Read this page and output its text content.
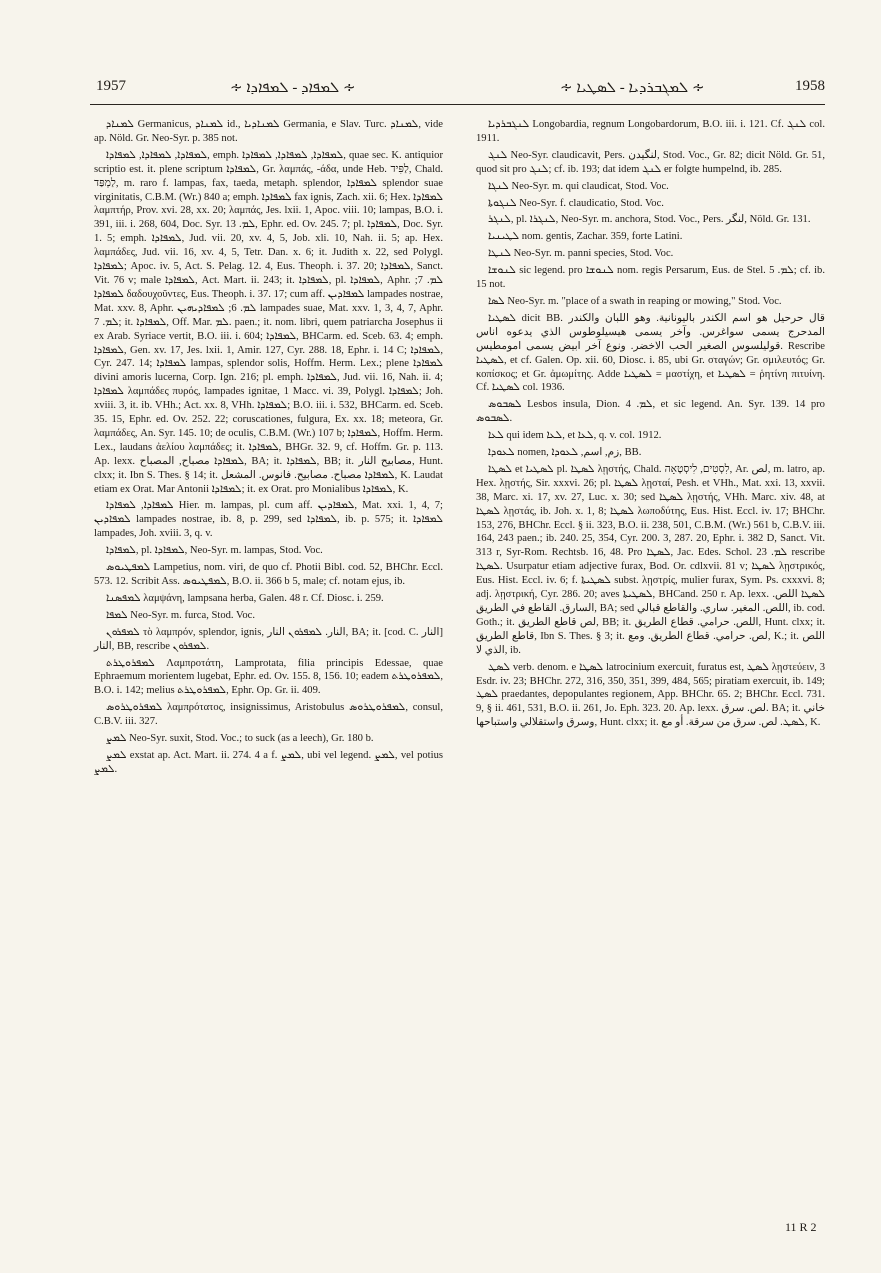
1957	∻ ܠܡܦܐܕ - ܠܡܦܐܕܐ ∻	∻ ܠܡܓܒܪܕܝܐ - ܠܣܛܝܐ ∻	1958

ܠܡܢܐܕ Germanicus, ܠܡܢܐܕ id., ܠܡܢܐܕܝܐ Germania, e Slav. Turc. ܠܡܢܐܕ, vide ap. Nöld. Gr. Neo-Syr. p. 385 not.

ܠܡܦܐܕܐ, ܠܡܦܐܕܐ, ܠܡܦܐܕܐ, emph. ܠܡܦܐܕܐ, ܠܡܦܐܕܐ, ܠܡܦܐܕܐ, quae sec. K. antiquior scriptio est. it. plene scriptum ܠܡܦܐܕܐ, Gr. λαμπάς, -άδα, unde Heb. לַפִּיד, Chald. לַמְפַּד, m. raro f. lampas, fax, taeda, metaph. splendor, ܠܡܦܐܕܐ splendor suae virginitatis, C.B.M. (Wr.) 840 a; emph. ܠܡܦܐܕܐ fax ignis, Zach. xii. 6; Hex. ܠܡܦܐܕܐ λαμπτήρ, Prov. xvi. 28, xx. 20; λαμπάς, Jes. lxii. 1, Apoc. viii. 10; lampas, B.O. i. 391, iii. i. 268, 604, Doc. Syr. ܠܡ. 13, Ephr. ed. Ov. 245. 7; pl. ܠܡܦܐܕܐ, Doc. Syr. 1. 5; emph. ܠܡܦܐܕܐ, Jud. vii. 20, xv. 4, 5, Job. xli. 10, Nah. ii. 5; ap. Hex. λαμπάδες, Jud. vii. 16, xv. 4, 5, Tetr. Dan. x. 6; it. Judith x. 22, sed Polygl. ܠܡܦܐܕܐ; Apoc. iv. 5, Act. S. Pelag. 12. 4, Eus. Theoph. i. 37. 20; ܠܡܦܐܕܐ, Sanct. Vit. 76 v; male ܠܡܦܐܕܐ, Act. Mart. ii. 243; it. ܠܡܦܐܕܐ, pl. ܠܡܦܐܕܐ, Aphr. ܠܡ. 7; ܠܡܦܐܕܐ δαδουχοῦντες, Eus. Theoph. i. 37. 17; cum aff. ܠܡܦܐܕܝܢ lampades nostrae, Mat. xxv. 8, Aphr. ܠܡ. 6; ܠܡܦܐܕܝܗܝܢ lampades suae, Mat. xxv. 1, 3, 4, 7, Aphr. ܠܡ. 7; it. ܠܡܦܐܕܐ, Off. Mar. ܠܡ. paen.; it. nom. libri, quem patriarcha Josephus ii ex Arab. Syriace vertit, B.O. iii. i. 604; ܠܡܦܐܕܐ, BHCarm. ed. Sceb. 63. 4; emph. ܠܡܦܐܕܐ, Gen. xv. 17, Jes. lxii. 1, Amir. 127, Cyr. 288. 18, Ephr. i. 14 C; ܠܡܦܐܕܐ, Cyr. 247. 14; ܠܡܦܐܕܐ lampas, splendor solis, Hoffm. Herm. Lex.; plene ܠܡܦܐܕܐ divini amoris lucerna, Corp. Ign. 216; pl. emph. ܠܡܦܐܕܐ, Jud. vii. 16, Nah. ii. 4; ܠܡܦܐܕܐ λαμπάδες πυρός, lampades ignitae, 1 Macc. vi. 39, Polygl. ܠܡܦܐܕܐ; Joh. xviii. 3, it. ib. VHh.; Act. xx. 8, VHh. ܠܡܦܐܕܐ; B.O. iii. i. 532, BHCarm. ed. Sceb. 35. 15, Ephr. ed. Ov. 252. 22; coruscationes, fulgura, Ex. xx. 18; meteora, Gr. λαμπάδες, An. Syr. 145. 10; de oculis, C.B.M. (Wr.) 107 b; ܠܡܦܐܕܐ, Hoffm. Herm. Lex., laudans ἀελίου λαμπάδες; it. ܠܡܦܐܕܐ, BHGr. 32. 9, cf. Hoffm. Gr. p. 113. Ap. lexx. ܠܡܦܐܕܐ مصباح, المصباح, BA; it. ܠܡܦܐܕܐ, BB; it. مصابيح النار, Hunt. clxx; it. Ibn S. Thes. § 14; it. ܠܡܦܐܕܐ مصباح. مصابيح. فانوس. المشعل, K. Laudat etiam ex Orat. Mar Antonii ܠܡܦܐܕܐ; it. ex Orat. pro Monialibus ܠܡܦܐܕܐ, K.

ܠܡܦܐܕܐ, ܠܡܦܐܕܐ Hier. m. lampas, pl. cum aff. ܠܡܦܐܕܝܢ, Mat. xxi. 1, 4, 7; ܠܡܦܐܕܝܢ lampades nostrae, ib. 8, p. 299, sed ܠܡܦܐܕܐ, ib. p. 575; it. ܠܡܦܐܕܐ lampades, Joh. xviii. 3, q. v.

ܠܡܦܐܕܐ, pl. ܠܡܦܐܕܐ, Neo-Syr. m. lampas, Stod. Voc.

ܠܡܦܛܝܘܣ Lampetius, nom. viri, de quo cf. Photii Bibl. cod. 52, BHChr. Eccl. 573. 12. Scribit Ass. ܠܡܦܛܝܘܣ, B.O. ii. 366 b 5, male; cf. notam ejus, ib.

ܠܡܦܣܢܐ λαμψάνη, lampsana herba, Galen. 48 r. Cf. Diosc. i. 259.

ܠܡܦܐ Neo-Syr. m. furca, Stod. Voc.

ܠܡܦܪܘܢ τὸ λαμπρόν, splendor, ignis, النار. ܠܡܦܪܘܢ النار, BA; it. [cod. C. النار] النار, BB, rescribe ܠܡܦܪܘܢ.

ܠܡܦܪܘܛܪܬ Λαμπροτάτη, Lamprotata, filia principis Edessae, quae Ephraemum morientem lugebat, Ephr. ed. Ov. 155. 8, 156. 10; eadem ܠܡܦܪܘܛܪܬ, B.O. i. 142; melius ܠܡܦܪܘܛܪܬ, Ephr. Op. Gr. ii. 409.

ܠܡܦܪܘܛܪܘܣ λαμπρότατος, insignissimus, Aristobulus ܠܡܦܪܘܛܪܘܣ, consul, C.B.V. iii. 327.

ܠܡܨ Neo-Syr. suxit, Stod. Voc.; to suck (as a leech), Gr. 180 b.

ܠܡܨ exstat ap. Act. Mart. ii. 274. 4 a f. ܠܡܨ, ubi vel legend. ܠܡܨ, vel potius ܠܡܨ.

ܠܢܓܒܪܕܝܐ Longobardia, regnum Longobardorum, B.O. iii. i. 121. Cf. ܠܢܓ col. 1911.

ܠܢܓ Neo-Syr. claudicavit, Pers. لنگيدن, Stod. Voc., Gr. 82; dicit Nöld. Gr. 51, quod sit pro ܠܢܓ; cf. ib. 193; dat idem ܠܢܓ er folgte humpelnd, ib. 285.

ܠܢܓܐ Neo-Syr. m. qui claudicat, Stod. Voc.

ܠܢܓܘܬܐ Neo-Syr. f. claudicatio, Stod. Voc.

ܠܢܓܪ, pl. ܠܢܓܪܐ, Neo-Syr. m. anchora, Stod. Voc., Pers. لنگر, Nöld. Gr. 131.

ܠܛܝܢܝܐ nom. gentis, Zachar. 359, forte Latini.

ܠܢܛܐ Neo-Syr. m. panni species, Stod. Voc.

ܠܢܘܫܐ sic legend. pro ܠܢܘܫܐ nom. regis Persarum, Eus. de Stel. ܠܡ. 5; cf. ib. 15 not.

ܠܣܐ Neo-Syr. m. "place of a swath in reaping or mowing," Stod. Voc.

ܠܣܛܝܐ dicit BB. قال حرحيل هو اسم الكندر باليونانية. وهو اللبان والكندر المدحرج يسمى سواغرس. وآخر يسمى هيسيلوطوس الذي يدعوه اناس قوليلسوس الصغير الحب الاخضر. ونوع آخر ابيض يسمى امومطيس. Rescribe ܠܣܛܝܐ, et cf. Galen. Op. xii. 60, Diosc. i. 85, ubi Gr. σταγών; Gr. σμιλευτός; Gr. κοπίσκος; et Gr. ἀμωμίτης. Adde ܠܣܛܝܐ = μαστίχη, et ܠܣܛܝܐ = ῥητίνη πιτυίνη. Cf. ܠܣܛܝܐ col. 1936.

ܠܣܒܘܣ Lesbos insula, Dion. ܠܡ. 4, et sic legend. An. Syr. 139. 14 pro ܠܣܒܘܣ.

ܠܥܐ qui idem ܠܥܐ, et ܠܥܐ, q. v. col. 1912.

ܠܥܘܕܐ nomen, زم, اسم, ܠܥܘܕܐ, BB.

ܠܣܛܐ et ܠܣܛܝܐ pl. ܠܣܛܐ λῃστής, Chald. לִסְטִים, לִיסְטָאָה, Ar. لص, m. latro, ap. Hex. λῃστής, Sir. xxxvi. 26; pl. ܠܣܛܐ λῃσταί, Pesh. et VHh., Mat. xxi. 13, xxvii. 38, Marc. xi. 17, xv. 27, Luc. x. 30; sed ܠܣܛܐ λῃστής, VHh. Marc. xiv. 48, at ܠܣܛܐ λῃστάς, ib. Joh. x. 1, 8; ܠܣܛܐ λωποδύτης, Eus. Hist. Eccl. iv. 17; BHChr. 153, 276, BHChr. Eccl. § ii. 323, B.O. ii. 238, 501, C.B.M. (Wr.) 561 b, C.B.V. iii. 164, 243 paen.; ib. 240. 25, 354, Cyr. 200. 3, 287. 20, Ephr. i. 382 D, Sanct. Vit. 313 r, Syr-Rom. Rechtsb. 16, 48. Pro ܠܣܛܐ, Jac. Edes. Schol. ܠܡ. 23 rescribe ܠܣܛܐ. Usurpatur etiam adjective furax, Bod. Or. cdlxvii. 81 v; ܠܣܛܐ λῃστρικός, Eus. Hist. Eccl. iv. 6; f. ܠܣܛܝܬܐ subst. λῃστρίς, mulier furax, Sym. Ps. cxxxvi. 8; adj. λῃστρική, Cyr. 286. 20; aves ܠܣܛܝܬܐ, BHCand. 250 r. Ap. lexx. ܠܣܛܐ اللص. السارق. القاطع في الطريق, BA; sed اللص. المغير. ساري. والقاطع قبالي, ib. cod. Goth.; it. لص قاطع الطريق, BB; it. اللص. حرامي. قطاع الطريق, Hunt. clxx; it. قاطع الطريق, Ibn S. Thes. § 3; it. لص. حرامي. قطاع الطريق. ومع, K.; it. اللص الذي لا, ib.

ܠܣܛ verb. denom. e ܠܣܛܐ latrocinium exercuit, furatus est, ܠܣܛ λῃστεύειν, 3 Esdr. iv. 23; BHChr. 272, 316, 350, 351, 399, 484, 565; piratiam exercuit, ib. 149; ܠܣܛ praedantes, depopulantes regionem, App. BHChr. 65. 2; BHChr. Eccl. 731. 9, § ii. 461, 531, B.O. ii. 261, Jo. Eph. 323. 20. Ap. lexx. لص. سرق. BA; it. خاني وسرق واستقلالي واستباحها, Hunt. clxx; it. ܠܣܛ. لص. سرق من سرقة. أو مع, K.

11 R 2
